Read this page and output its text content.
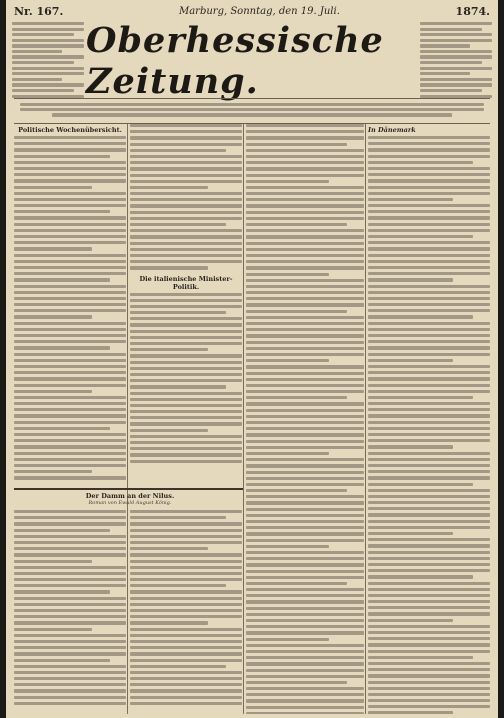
Nr. 167.	Marburg, Sonntag, den 19. Juli.	1874.
Oberhessische Zeitung.
Politische Wochenübersicht.
Die italienische Minister-Politik.
In Dänemark
Der Damm an der Nilus.
Roman von Ewald August König.
